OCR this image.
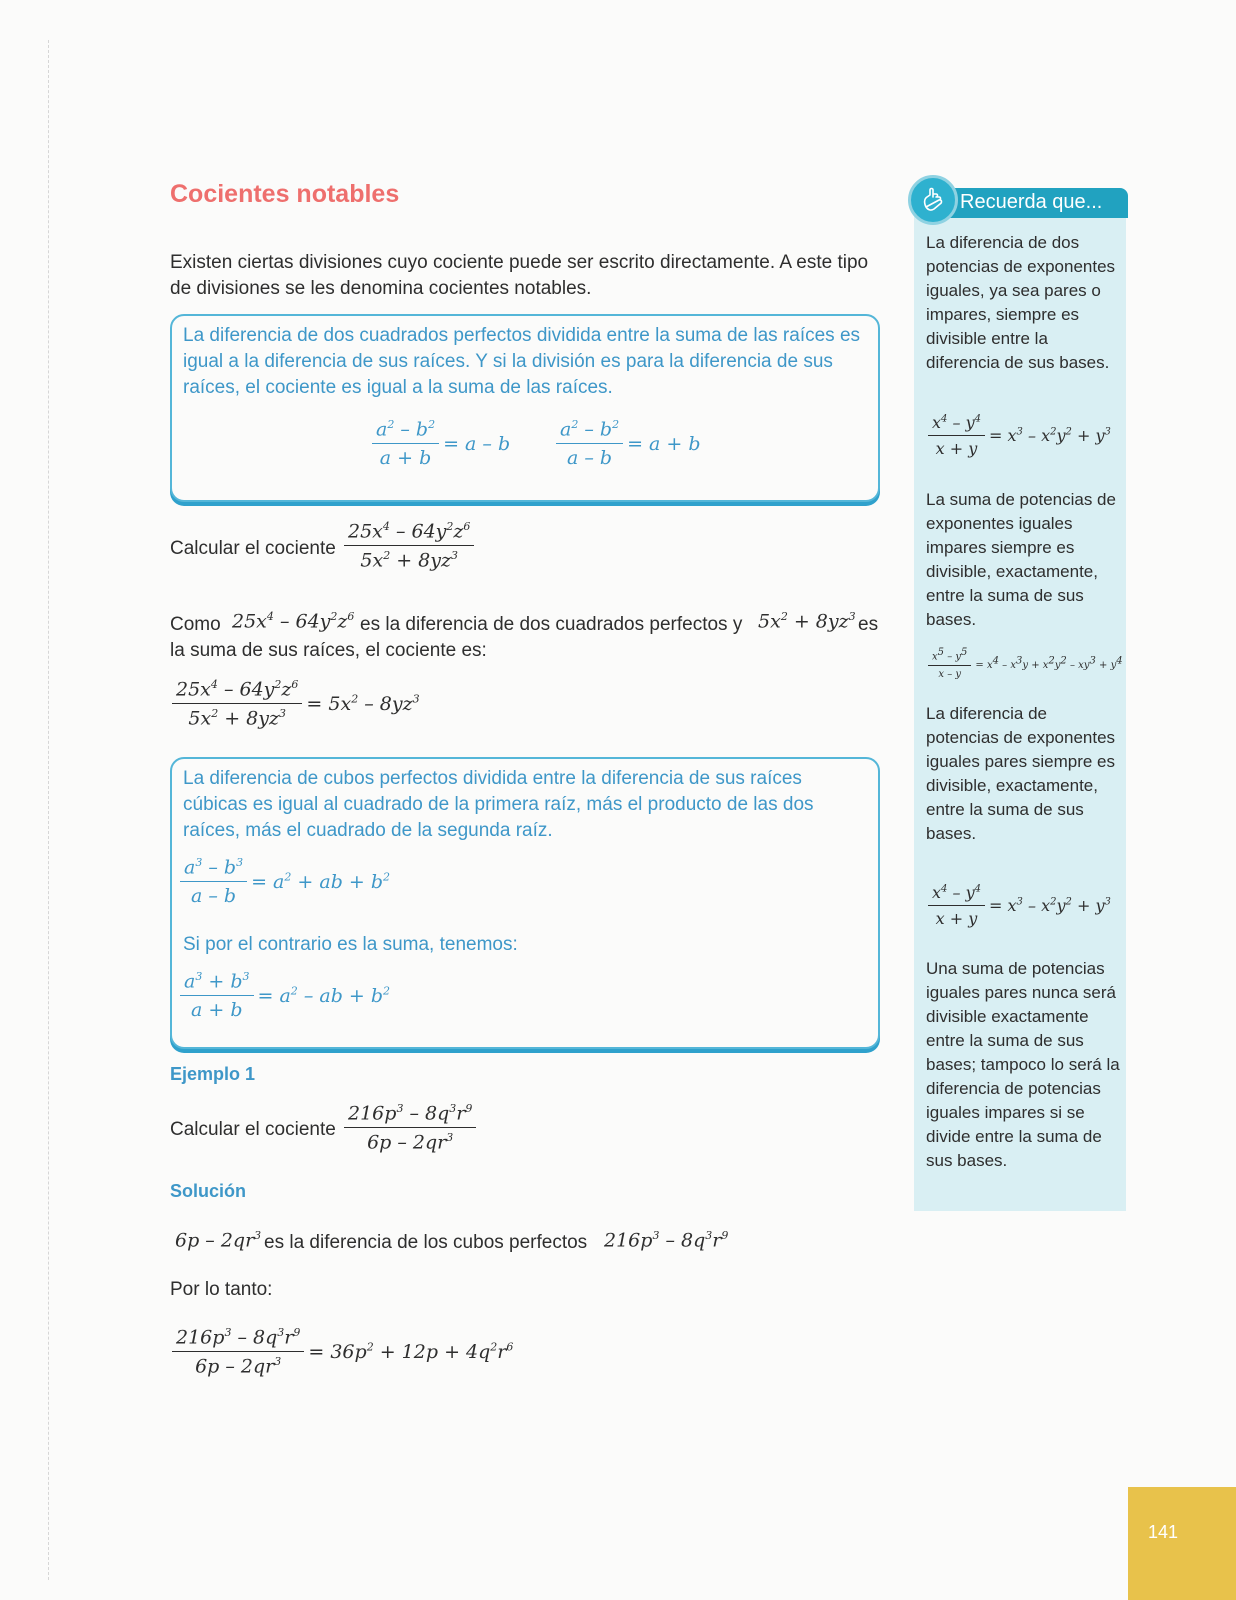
Cocientes notables
Existen ciertas divisiones cuyo cociente puede ser escrito directamente. A este tipo de divisiones se les denomina cocientes notables.
La diferencia de dos cuadrados perfectos dividida entre la suma de las raíces es igual a la diferencia de sus raíces. Y si la división es para la diferencia de sus raíces, el cociente es igual a la suma de las raíces.
$\frac{a^2 - b^2}{a + b} = a - b \frac{a^2 - b^2}{a - b} = a + b$
Calcular el cociente $\frac{25x^4 - 64y^2z^6}{5x^2 + 8yz^3}$
Como $25x^4 - 64y^2z^6$ es la diferencia de dos cuadrados perfectos y $5x^2 + 8yz^3$ es
la suma de sus raíces, el cociente es:
$\frac{25x^4 - 64y^2z^6}{5x^2 + 8yz^3} = 5x^2 - 8yz^3$
La diferencia de cubos perfectos dividida entre la diferencia de sus raíces cúbicas es igual al cuadrado de la primera raíz, más el producto de las dos raíces, más el cuadrado de la segunda raíz.
$\frac{a^3 - b^3}{a - b} = a^2$ + ab + $b^2$
Si por el contrario es la suma, tenemos:
$\frac{a^3 + b^3}{a + b} = a^2$ – ab + $b^2$
Ejemplo 1
Calcular el cociente $\frac{216p^3 - 8q^3r^9}{6p - 2qr^3}$
Solución
$6p - 2qr^3$ es la diferencia de los cubos perfectos $216p^3 - 8q^3r^9$
Por lo tanto:
$\frac{216p^3 - 8q^3r^9}{6p - 2qr^3} = 36p^2 + 12p + 4q^2r^6$
Recuerda que...
La diferencia de dos potencias de exponentes iguales, ya sea pares o impares, siempre es divisible entre la diferencia de sus bases.
$\frac{x^4 - y^4}{x + y} = x^3 - x^2y^2 + y^3$
La suma de potencias de exponentes iguales impares siempre es divisible, exactamente, entre la suma de sus bases.
$\frac{x^5 - y^5}{x - y} = x^4 - x^3y + x^2y^2 - xy^3 + y^4$
La diferencia de potencias de exponentes iguales pares siempre es divisible, exactamente, entre la suma de sus bases.
$\frac{x^4 - y^4}{x + y} = x^3 - x^2y^2 + y^3$
Una suma de potencias iguales pares nunca será divisible exactamente entre la suma de sus bases; tampoco lo será la diferencia de potencias iguales impares si se divide entre la suma de sus bases.
141
